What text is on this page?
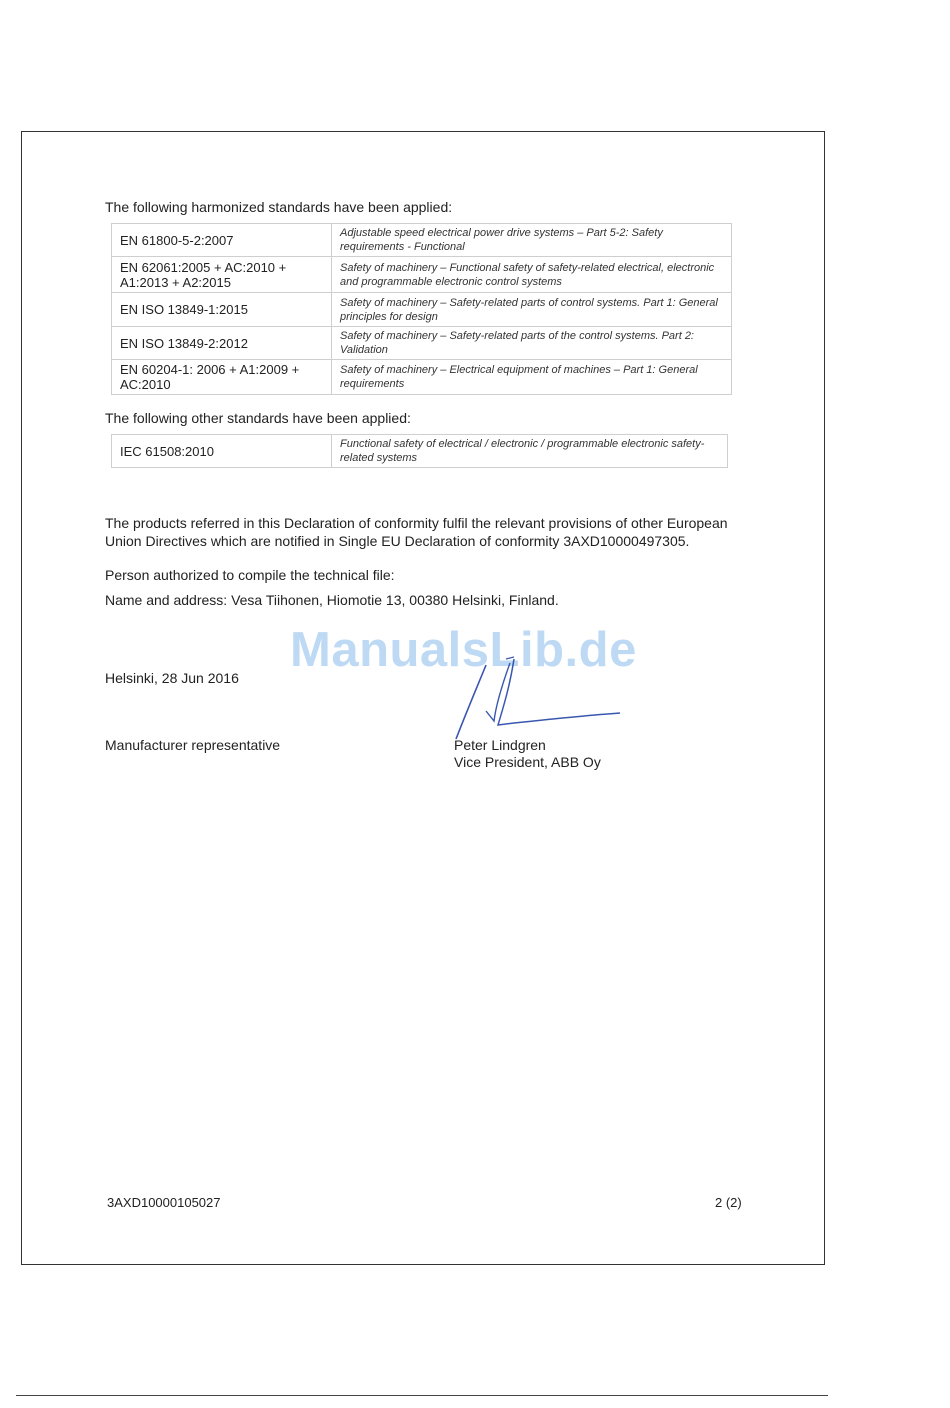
The following harmonized standards have been applied:
EN 61800-5-2:2007	Adjustable speed electrical power drive systems – Part 5-2: Safety requirements - Functional
EN 62061:2005 + AC:2010 + A1:2013 + A2:2015	Safety of machinery – Functional safety of safety-related electrical, electronic and programmable electronic control systems
EN ISO 13849-1:2015	Safety of machinery – Safety-related parts of control systems. Part 1: General principles for design
EN ISO 13849-2:2012	Safety of machinery – Safety-related parts of the control systems. Part 2: Validation
EN 60204-1: 2006 + A1:2009 + AC:2010	Safety of machinery – Electrical equipment of machines – Part 1: General requirements
The following other standards have been applied:
IEC 61508:2010	Functional safety of electrical / electronic / programmable electronic safety-related systems
The products referred in this Declaration of conformity fulfil the relevant provisions of other European
Union Directives which are notified in Single EU Declaration of conformity 3AXD10000497305.
Person authorized to compile the technical file:
Name and address: Vesa Tiihonen, Hiomotie 13, 00380 Helsinki, Finland.
ManualsLib.de
Helsinki, 28 Jun 2016
Manufacturer representative	Peter Lindgren
Vice President, ABB Oy
3AXD10000105027	2 (2)
